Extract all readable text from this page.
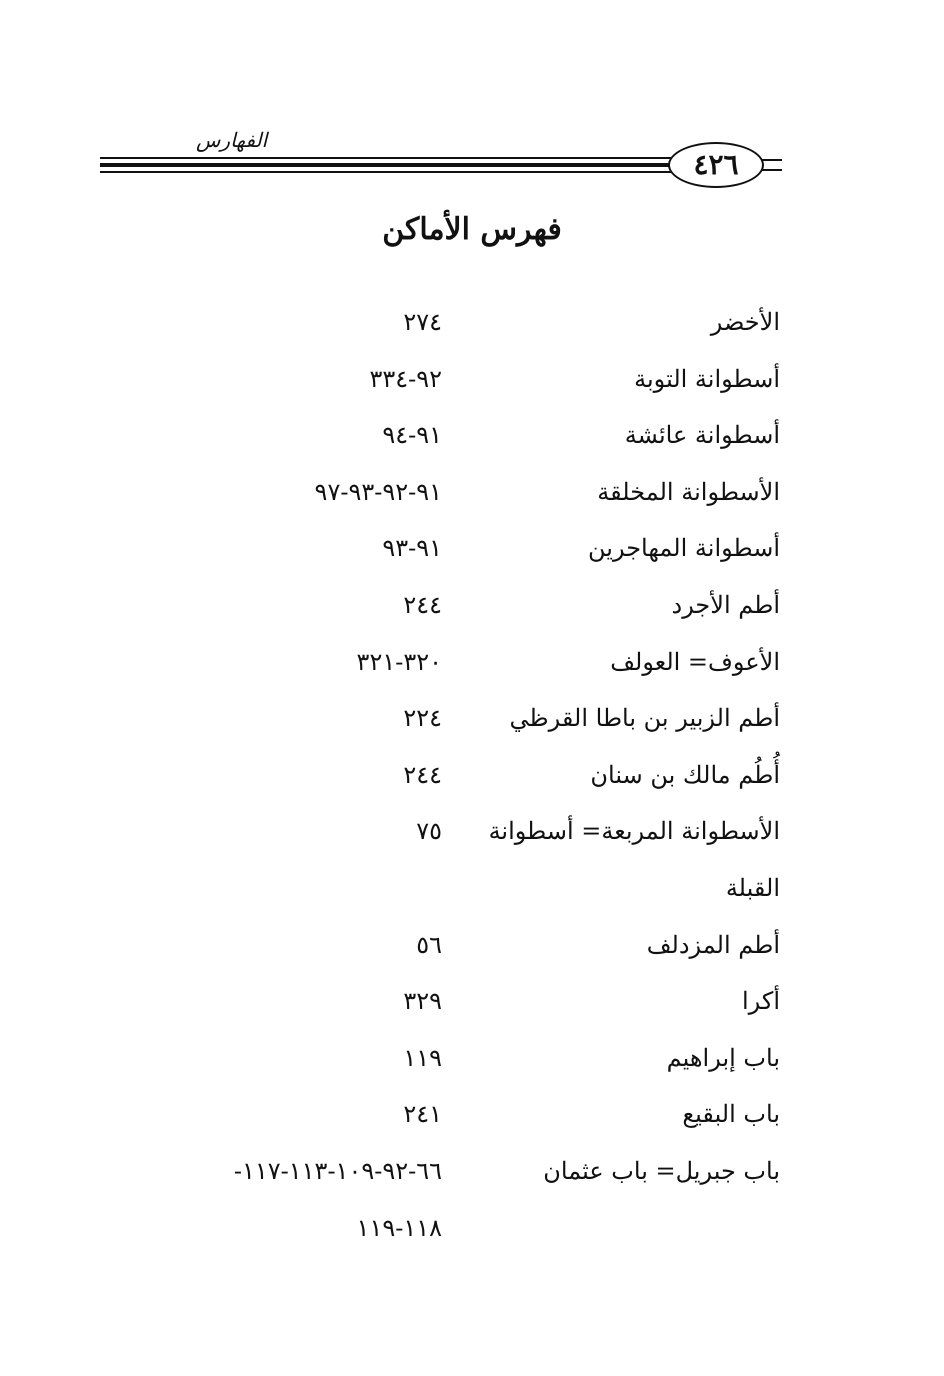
الفهارس
٤٢٦
فهرس الأماكن
الأخضر
٢٧٤
أسطوانة التوبة
٩٢-٣٣٤
أسطوانة عائشة
٩١-٩٤
الأسطوانة المخلقة
٩١-٩٢-٩٣-٩٧
أسطوانة المهاجرين
٩١-٩٣
أطم الأجرد
٢٤٤
الأعوف= العولف
٣٢٠-٣٢١
أطم الزبير بن باطا القرظي
٢٢٤
أُطُم مالك بن سنان
٢٤٤
الأسطوانة المربعة= أسطوانة
٧٥
القبلة
أطم المزدلف
٥٦
أكرا
٣٢٩
باب إبراهيم
١١٩
باب البقيع
٢٤١
باب جبريل= باب عثمان
٦٦-٩٢-١٠٩-١١٣-١١٧-
١١٨-١١٩
